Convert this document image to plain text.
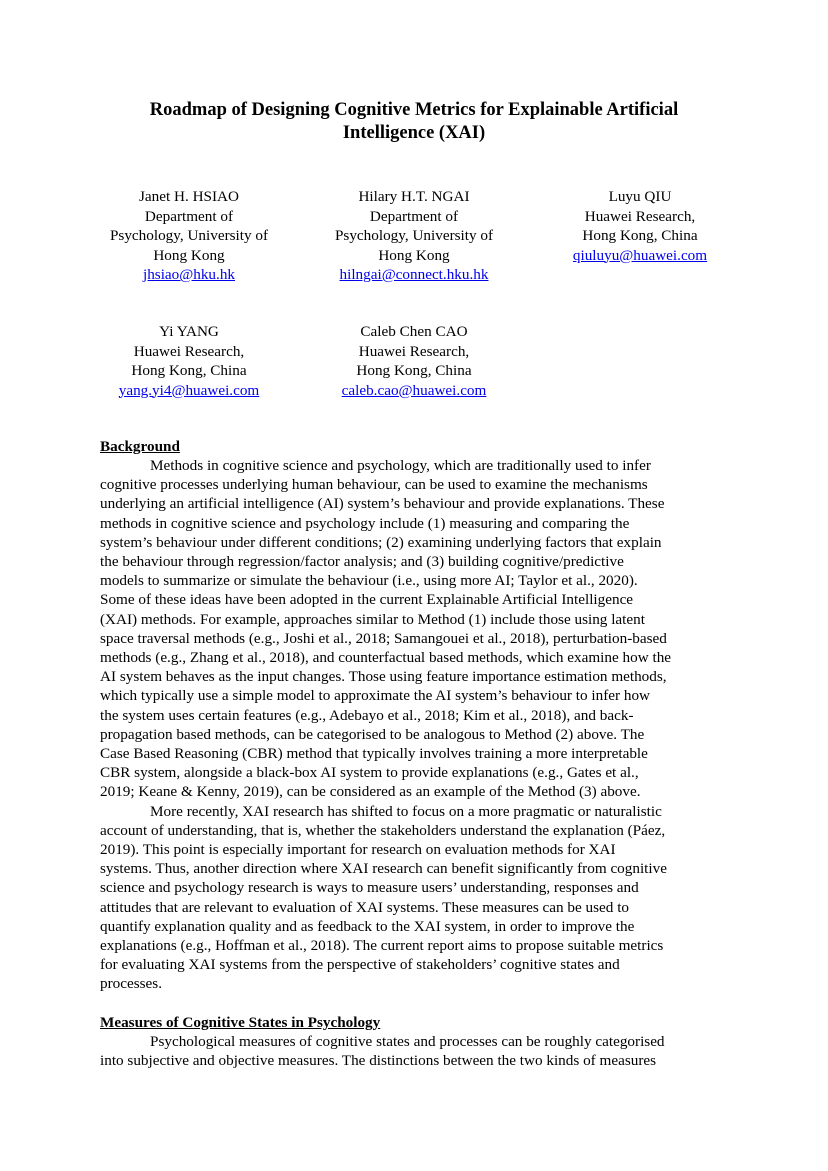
Roadmap of Designing Cognitive Metrics for Explainable Artificial
Intelligence (XAI)
Janet H. HSIAO
Department of
Psychology, University of
Hong Kong
jhsiao@hku.hk
Hilary H.T. NGAI
Department of
Psychology, University of
Hong Kong
hilngai@connect.hku.hk
Luyu QIU
Huawei Research,
Hong Kong, China
qiuluyu@huawei.com
Yi YANG
Huawei Research,
Hong Kong, China
yang.yi4@huawei.com
Caleb Chen CAO
Huawei Research,
Hong Kong, China
caleb.cao@huawei.com
Background
Methods in cognitive science and psychology, which are traditionally used to infer
cognitive processes underlying human behaviour, can be used to examine the mechanisms
underlying an artificial intelligence (AI) system’s behaviour and provide explanations. These
methods in cognitive science and psychology include (1) measuring and comparing the
system’s behaviour under different conditions; (2) examining underlying factors that explain
the behaviour through regression/factor analysis; and (3) building cognitive/predictive
models to summarize or simulate the behaviour (i.e., using more AI; Taylor et al., 2020).
Some of these ideas have been adopted in the current Explainable Artificial Intelligence
(XAI) methods. For example, approaches similar to Method (1) include those using latent
space traversal methods (e.g., Joshi et al., 2018; Samangouei et al., 2018), perturbation-based
methods (e.g., Zhang et al., 2018), and counterfactual based methods, which examine how the
AI system behaves as the input changes. Those using feature importance estimation methods,
which typically use a simple model to approximate the AI system’s behaviour to infer how
the system uses certain features (e.g., Adebayo et al., 2018; Kim et al., 2018), and back-
propagation based methods, can be categorised to be analogous to Method (2) above. The
Case Based Reasoning (CBR) method that typically involves training a more interpretable
CBR system, alongside a black-box AI system to provide explanations (e.g., Gates et al.,
2019; Keane & Kenny, 2019), can be considered as an example of the Method (3) above.
More recently, XAI research has shifted to focus on a more pragmatic or naturalistic
account of understanding, that is, whether the stakeholders understand the explanation (Páez,
2019). This point is especially important for research on evaluation methods for XAI
systems. Thus, another direction where XAI research can benefit significantly from cognitive
science and psychology research is ways to measure users’ understanding, responses and
attitudes that are relevant to evaluation of XAI systems. These measures can be used to
quantify explanation quality and as feedback to the XAI system, in order to improve the
explanations (e.g., Hoffman et al., 2018). The current report aims to propose suitable metrics
for evaluating XAI systems from the perspective of stakeholders’ cognitive states and
processes.
Measures of Cognitive States in Psychology
Psychological measures of cognitive states and processes can be roughly categorised
into subjective and objective measures. The distinctions between the two kinds of measures
